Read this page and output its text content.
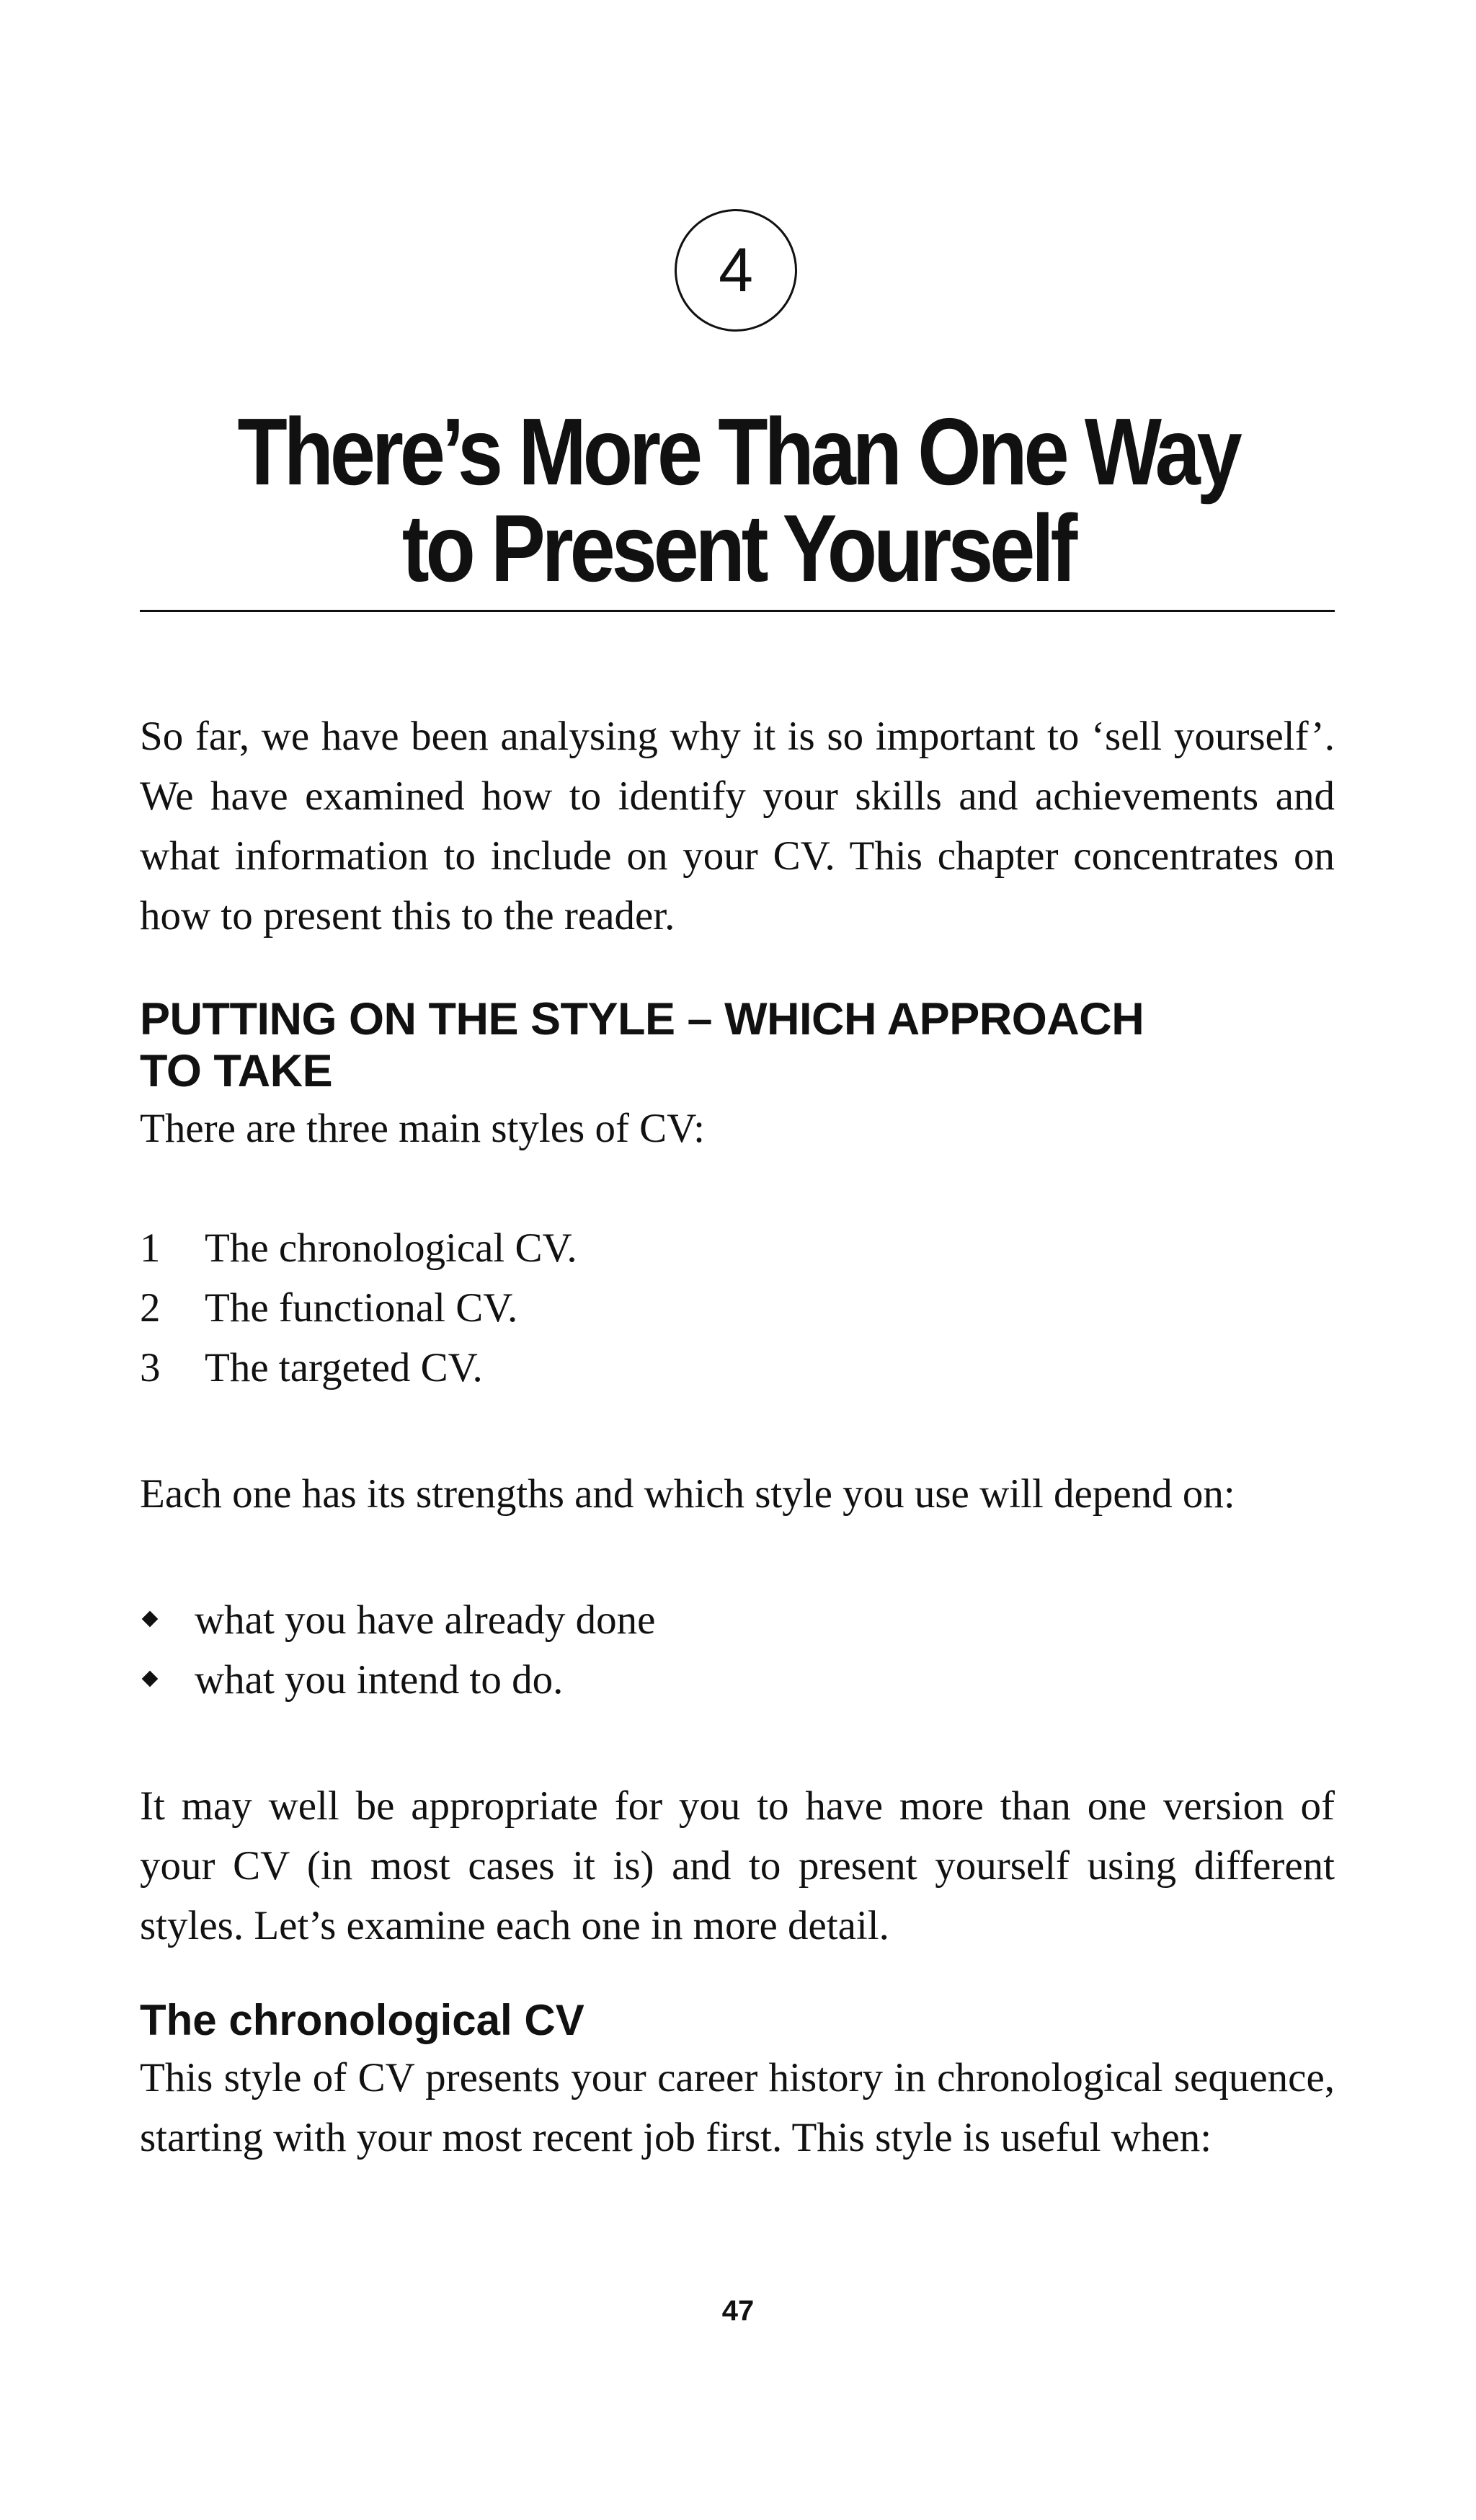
4
There’s More Than One Way
to Present Yourself

So far, we have been analysing why it is so important to ‘sell yourself’. We have examined how to identify your skills and achievements and what information to include on your CV. This chapter concentrates on how to present this to the reader.

PUTTING ON THE STYLE – WHICH APPROACH
TO TAKE

There are three main styles of CV:

1	The chronological CV.
2	The functional CV.
3	The targeted CV.

Each one has its strengths and which style you use will depend on:

what you have already done
what you intend to do.

It may well be appropriate for you to have more than one version of your CV (in most cases it is) and to present yourself using different styles. Let’s examine each one in more detail.

The chronological CV

This style of CV presents your career history in chronological sequence, starting with your most recent job first. This style is useful when:

47
